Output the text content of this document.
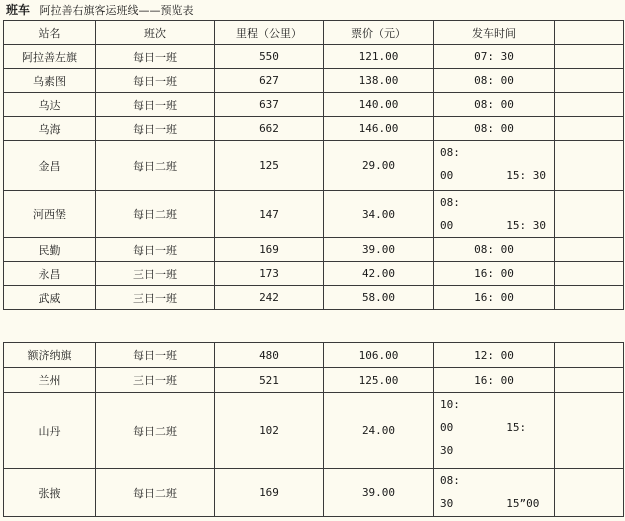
班车 阿拉善右旗客运班线——预览表
站名	班次	里程（公里）	票价（元）	发车时间	
阿拉善左旗	每日一班	550	121.00	07: 30	
乌素图	每日一班	627	138.00	08: 00	
乌达	每日一班	637	140.00	08: 00	
乌海	每日一班	662	146.00	08: 00	
金昌	每日二班	125	29.00	08:
00        15: 30	

河西堡	每日二班	147	34.00	08:
00        15: 30	

民勤	每日一班	169	39.00	08: 00	
永昌	三日一班	173	42.00	16: 00	
武威	三日一班	242	58.00	16: 00	
额济纳旗	每日一班	480	106.00	12: 00	
兰州	三日一班	521	125.00	16: 00	
山丹	每日二班	102	24.00	10:
00        15:
30	

张掖	每日二班	169	39.00	08:
30        15”00	
